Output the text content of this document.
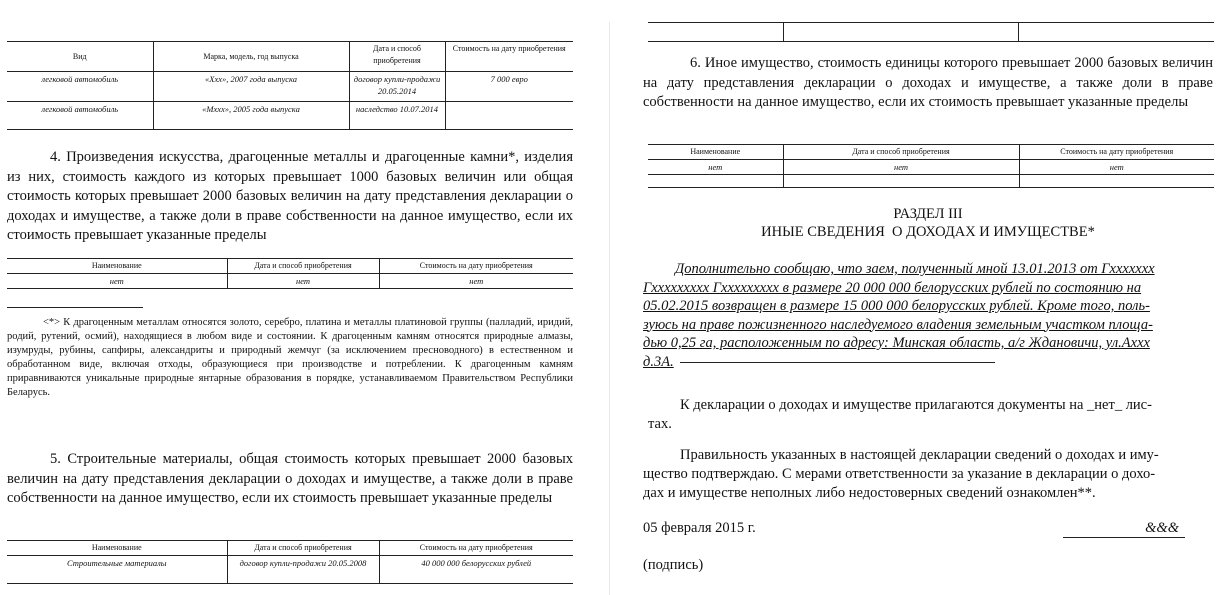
Вид	Марка, модель, год выпуска	Дата и способ приобретения	Стоимость на дату приобретения
легковой автомобиль	«Ххх», 2007 года выпуска	договор купли-продажи 20.05.2014	7 000 евро
легковой автомобиль	«Мххх», 2005 года выпуска	наследство 10.07.2014	
4. Произведения искусства, драгоценные металлы и драгоценные камни*, изделия из них, стоимость каждого из которых превышает 1000 базовых величин или общая стоимость которых превышает 2000 базовых величин на дату представления декларации о доходах и имуществе, а также доли в праве собственности на данное имущество, если их стоимость превышает указанные пределы
Наименование	Дата и способ приобретения	Стоимость на дату приобретения
нет	нет	нет
<*> К драгоценным металлам относятся золото, серебро, платина и металлы платиновой группы (палладий, иридий, родий, рутений, осмий), находящиеся в любом виде и состоянии. К драгоценным камням относятся природные алмазы, изумруды, рубины, сапфиры, александриты и природный жемчуг (за исключением пресноводного) в естественном и обработанном виде, включая отходы, образующиеся при производстве и потреблении. К драгоценным камням приравниваются уникальные природные янтарные образования в порядке, устанавливаемом Правительством Республики Беларусь.
5. Строительные материалы, общая стоимость которых превышает 2000 базовых величин на дату представления декларации о доходах и имуществе, а также доли в праве собственности на данное имущество, если их стоимость превышает указанные пределы
Наименование	Дата и способ приобретения	Стоимость на дату приобретения
Строительные материалы	договор купли-продажи 20.05.2008	40 000 000 белорусских рублей
6. Иное имущество, стоимость единицы которого превышает 2000 базовых величин на дату представления декларации о доходах и имуществе, а также доли в праве собственности на данное имущество, если их стоимость превышает указанные пределы
Наименование	Дата и способ приобретения	Стоимость на дату приобретения
нет	нет	нет

РАЗДЕЛ III
ИНЫЕ СВЕДЕНИЯ  О ДОХОДАХ И ИМУЩЕСТВЕ*
Дополнительно сообщаю, что заем, полученный мной 13.01.2013 от Гххххххх
Гххххххххх Гххххххххх в размере 20 000 000 белорусских рублей по состоянию на
05.02.2015 возвращен в размере 15 000 000 белорусских рублей. Кроме того, поль-
зуюсь на праве пожизненного наследуемого владения земельным участком площа-
дью 0,25 га, расположенным по адресу: Минская область, а/г Ждановичи, ул.Аххх
д.3А.
К декларации о доходах и имуществе прилагаются документы на _нет_ лис-
тах.
Правильность указанных в настоящей декларации сведений о доходах и иму-
щество подтверждаю. С мерами ответственности за указание в декларации о дохо-
дах и имуществе неполных либо недостоверных сведений ознакомлен**.
05 февраля 2015 г.	&&&
(подпись)
